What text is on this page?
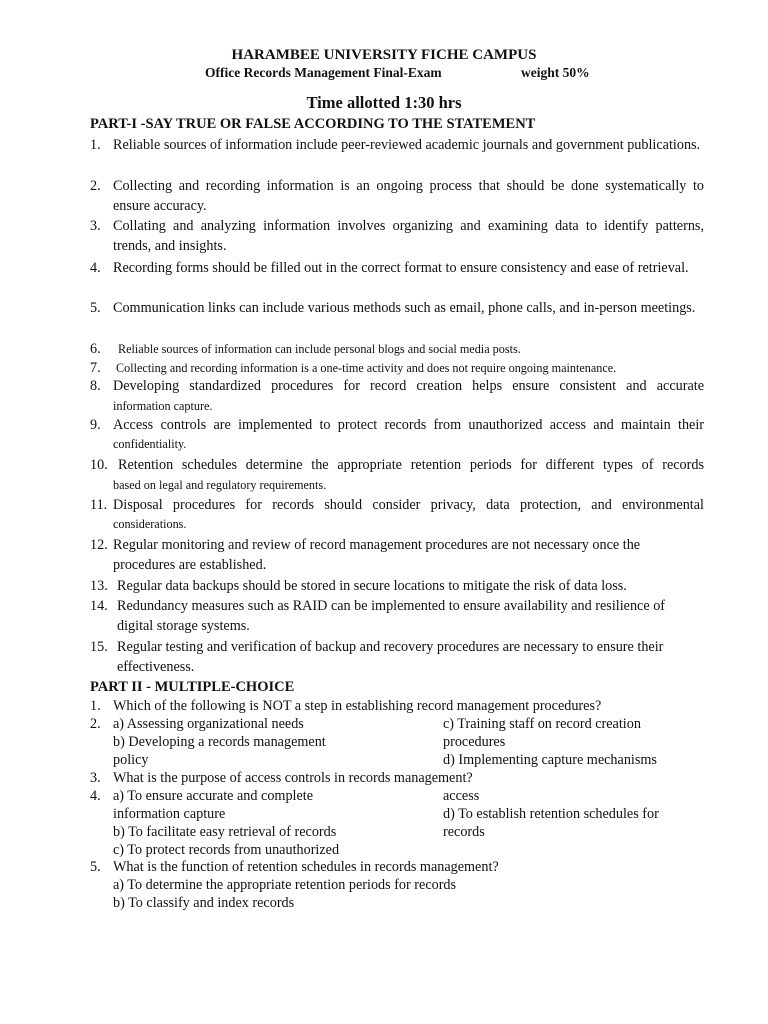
HARAMBEE UNIVERSITY FICHE CAMPUS
Office Records Management Final-Exam	weight 50%
Time allotted 1:30 hrs
PART-I -SAY TRUE OR FALSE ACCORDING TO THE STATEMENT
1. Reliable sources of information include peer-reviewed academic journals and government publications.
2. Collecting and recording information is an ongoing process that should be done systematically to ensure accuracy.
3. Collating and analyzing information involves organizing and examining data to identify patterns, trends, and insights.
4. Recording forms should be filled out in the correct format to ensure consistency and ease of retrieval.
5. Communication links can include various methods such as email, phone calls, and in-person meetings.
6. Reliable sources of information can include personal blogs and social media posts.
7. Collecting and recording information is a one-time activity and does not require ongoing maintenance.
8. Developing standardized procedures for record creation helps ensure consistent and accurate
information capture.
9. Access controls are implemented to protect records from unauthorized access and maintain their
confidentiality.
10. Retention schedules determine the appropriate retention periods for different types of records
based on legal and regulatory requirements.
11. Disposal procedures for records should consider privacy, data protection, and environmental
considerations.
12. Regular monitoring and review of record management procedures are not necessary once the procedures are established.
13. Regular data backups should be stored in secure locations to mitigate the risk of data loss.
14. Redundancy measures such as RAID can be implemented to ensure availability and resilience of digital storage systems.
15. Regular testing and verification of backup and recovery procedures are necessary to ensure their effectiveness.
PART II - MULTIPLE-CHOICE
1. Which of the following is NOT a step in establishing record management procedures?
2. a) Assessing organizational needs
b) Developing a records management
policy
c) Training staff on record creation
procedures
d) Implementing capture mechanisms
3. What is the purpose of access controls in records management?
4. a) To ensure accurate and complete
information capture
b) To facilitate easy retrieval of records
c) To protect records from unauthorized
access
d) To establish retention schedules for
records
5. What is the function of retention schedules in records management?
a) To determine the appropriate retention periods for records
b) To classify and index records
